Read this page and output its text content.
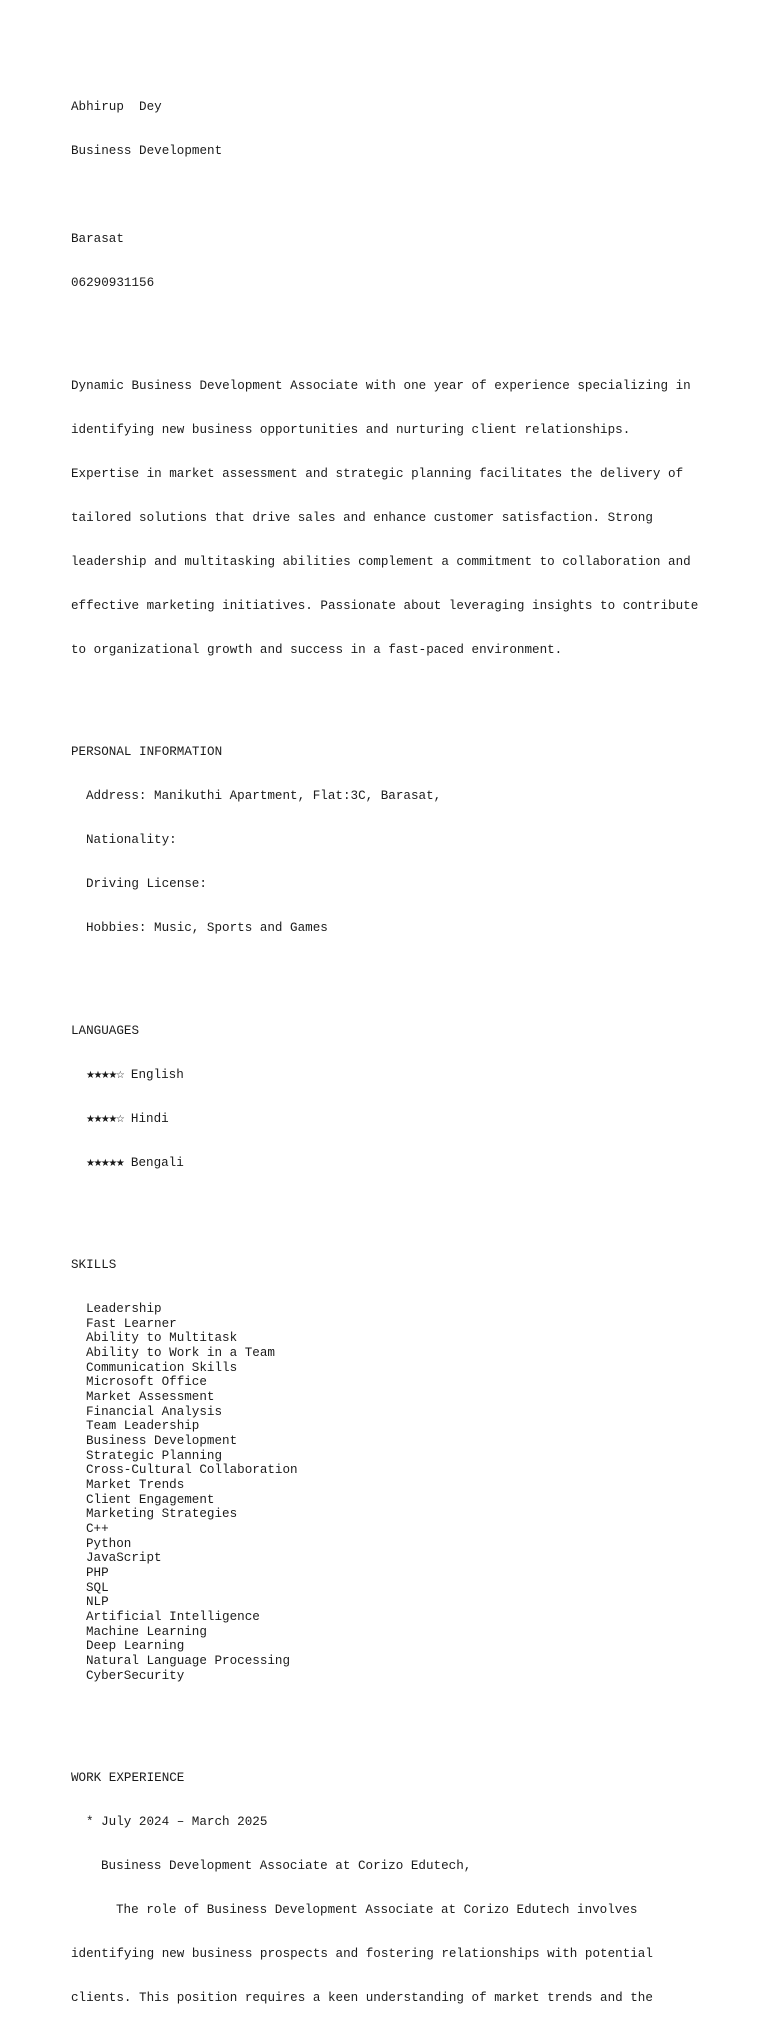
Abhirup  Dey

Business Development

Barasat

06290931156

Dynamic Business Development Associate with one year of experience specializing in

identifying new business opportunities and nurturing client relationships.

Expertise in market assessment and strategic planning facilitates the delivery of

tailored solutions that drive sales and enhance customer satisfaction. Strong

leadership and multitasking abilities complement a commitment to collaboration and

effective marketing initiatives. Passionate about leveraging insights to contribute

to organizational growth and success in a fast-paced environment.

PERSONAL INFORMATION

Address: Manikuthi Apartment, Flat:3C, Barasat,

Nationality:

Driving License:

Hobbies: Music, Sports and Games

LANGUAGES

★★★★☆ English

★★★★☆ Hindi

★★★★★ Bengali

SKILLS

Leadership
Fast Learner
Ability to Multitask
Ability to Work in a Team
Communication Skills
Microsoft Office
Market Assessment
Financial Analysis
Team Leadership
Business Development
Strategic Planning
Cross-Cultural Collaboration
Market Trends
Client Engagement
Marketing Strategies
C++
Python
JavaScript
PHP
SQL
NLP
Artificial Intelligence
Machine Learning
Deep Learning
Natural Language Processing
CyberSecurity

WORK EXPERIENCE

* July 2024 – March 2025

Business Development Associate at Corizo Edutech,

The role of Business Development Associate at Corizo Edutech involves

identifying new business prospects and fostering relationships with potential

clients. This position requires a keen understanding of market trends and the
